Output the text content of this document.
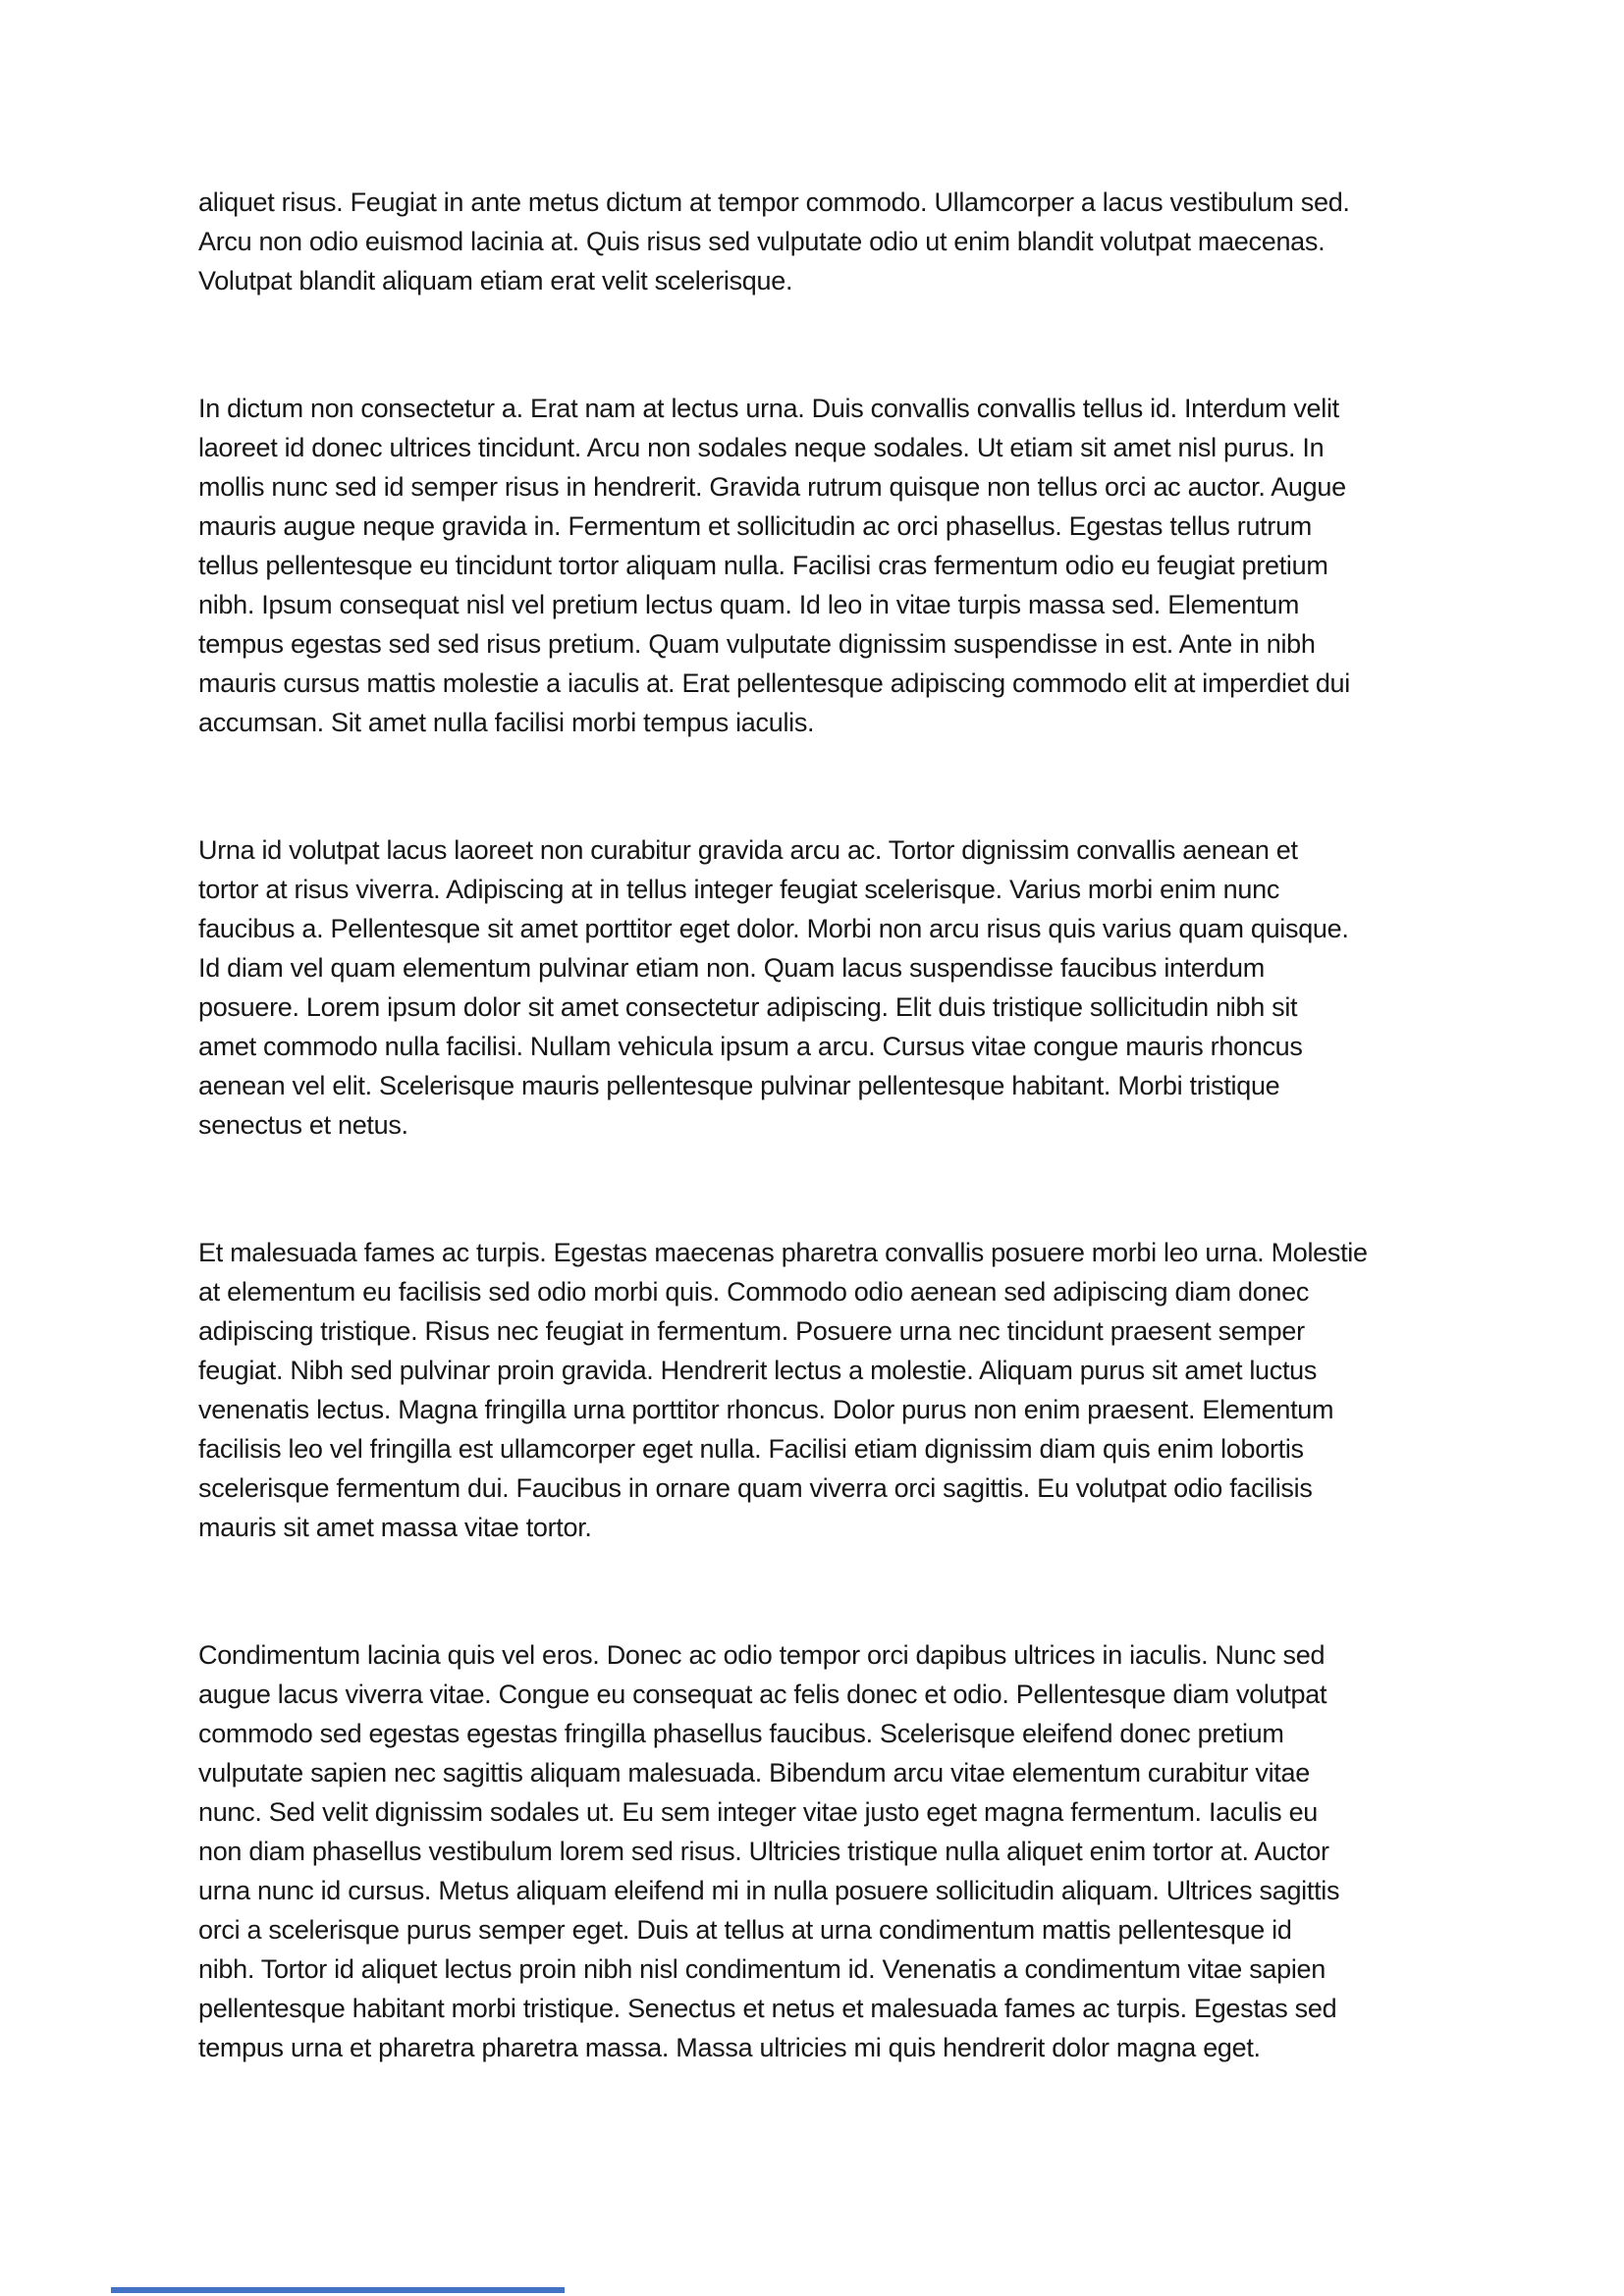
aliquet risus. Feugiat in ante metus dictum at tempor commodo. Ullamcorper a lacus vestibulum sed.
Arcu non odio euismod lacinia at. Quis risus sed vulputate odio ut enim blandit volutpat maecenas.
Volutpat blandit aliquam etiam erat velit scelerisque.
In dictum non consectetur a. Erat nam at lectus urna. Duis convallis convallis tellus id. Interdum velit
laoreet id donec ultrices tincidunt. Arcu non sodales neque sodales. Ut etiam sit amet nisl purus. In
mollis nunc sed id semper risus in hendrerit. Gravida rutrum quisque non tellus orci ac auctor. Augue
mauris augue neque gravida in. Fermentum et sollicitudin ac orci phasellus. Egestas tellus rutrum
tellus pellentesque eu tincidunt tortor aliquam nulla. Facilisi cras fermentum odio eu feugiat pretium
nibh. Ipsum consequat nisl vel pretium lectus quam. Id leo in vitae turpis massa sed. Elementum
tempus egestas sed sed risus pretium. Quam vulputate dignissim suspendisse in est. Ante in nibh
mauris cursus mattis molestie a iaculis at. Erat pellentesque adipiscing commodo elit at imperdiet dui
accumsan. Sit amet nulla facilisi morbi tempus iaculis.
Urna id volutpat lacus laoreet non curabitur gravida arcu ac. Tortor dignissim convallis aenean et
tortor at risus viverra. Adipiscing at in tellus integer feugiat scelerisque. Varius morbi enim nunc
faucibus a. Pellentesque sit amet porttitor eget dolor. Morbi non arcu risus quis varius quam quisque.
Id diam vel quam elementum pulvinar etiam non. Quam lacus suspendisse faucibus interdum
posuere. Lorem ipsum dolor sit amet consectetur adipiscing. Elit duis tristique sollicitudin nibh sit
amet commodo nulla facilisi. Nullam vehicula ipsum a arcu. Cursus vitae congue mauris rhoncus
aenean vel elit. Scelerisque mauris pellentesque pulvinar pellentesque habitant. Morbi tristique
senectus et netus.
Et malesuada fames ac turpis. Egestas maecenas pharetra convallis posuere morbi leo urna. Molestie
at elementum eu facilisis sed odio morbi quis. Commodo odio aenean sed adipiscing diam donec
adipiscing tristique. Risus nec feugiat in fermentum. Posuere urna nec tincidunt praesent semper
feugiat. Nibh sed pulvinar proin gravida. Hendrerit lectus a molestie. Aliquam purus sit amet luctus
venenatis lectus. Magna fringilla urna porttitor rhoncus. Dolor purus non enim praesent. Elementum
facilisis leo vel fringilla est ullamcorper eget nulla. Facilisi etiam dignissim diam quis enim lobortis
scelerisque fermentum dui. Faucibus in ornare quam viverra orci sagittis. Eu volutpat odio facilisis
mauris sit amet massa vitae tortor.
Condimentum lacinia quis vel eros. Donec ac odio tempor orci dapibus ultrices in iaculis. Nunc sed
augue lacus viverra vitae. Congue eu consequat ac felis donec et odio. Pellentesque diam volutpat
commodo sed egestas egestas fringilla phasellus faucibus. Scelerisque eleifend donec pretium
vulputate sapien nec sagittis aliquam malesuada. Bibendum arcu vitae elementum curabitur vitae
nunc. Sed velit dignissim sodales ut. Eu sem integer vitae justo eget magna fermentum. Iaculis eu
non diam phasellus vestibulum lorem sed risus. Ultricies tristique nulla aliquet enim tortor at. Auctor
urna nunc id cursus. Metus aliquam eleifend mi in nulla posuere sollicitudin aliquam. Ultrices sagittis
orci a scelerisque purus semper eget. Duis at tellus at urna condimentum mattis pellentesque id
nibh. Tortor id aliquet lectus proin nibh nisl condimentum id. Venenatis a condimentum vitae sapien
pellentesque habitant morbi tristique. Senectus et netus et malesuada fames ac turpis. Egestas sed
tempus urna et pharetra pharetra massa. Massa ultricies mi quis hendrerit dolor magna eget.
